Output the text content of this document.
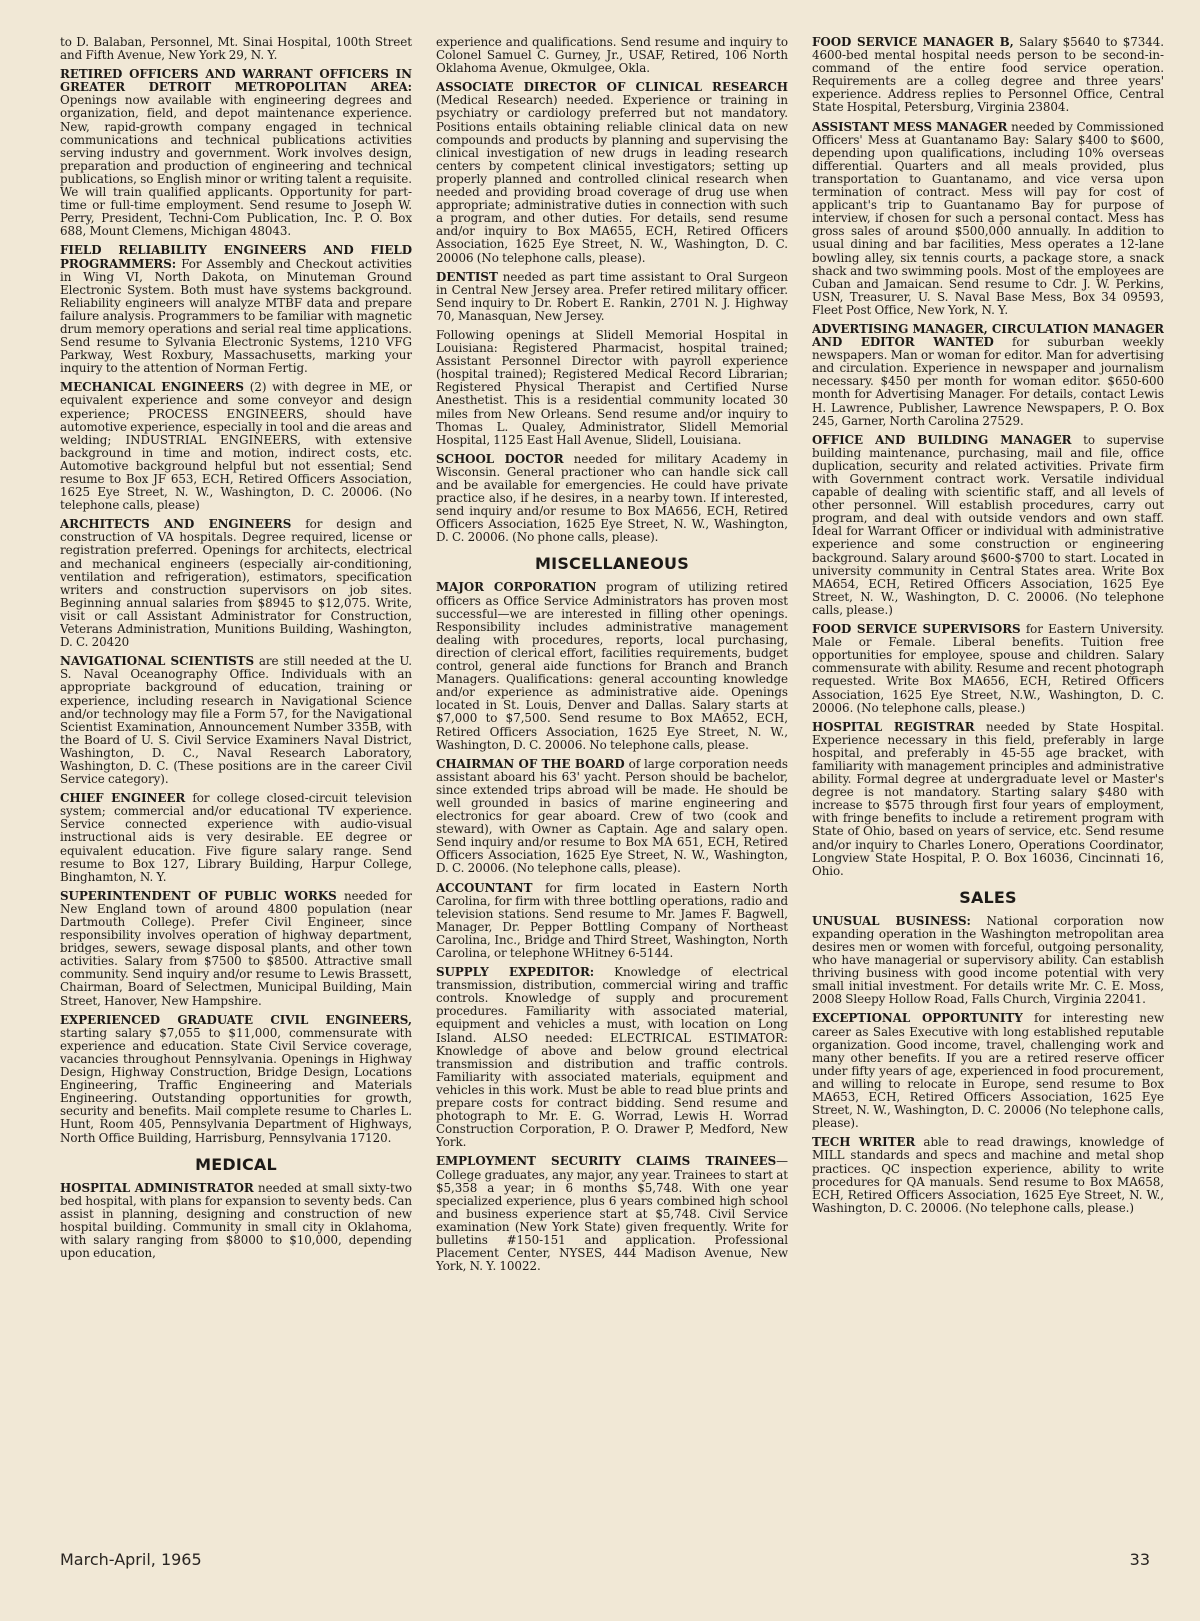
to D. Balaban, Personnel, Mt. Sinai Hospital, 100th Street and Fifth Avenue, New York 29, N. Y.

RETIRED OFFICERS AND WARRANT OFFICERS IN GREATER DETROIT METROPOLITAN AREA: Openings now available with engineering degrees and organization, field, and depot maintenance experience. New, rapid-growth company engaged in technical communications and technical publications activities serving industry and government. Work involves design, preparation and production of engineering and technical publications, so English minor or writing talent a requisite. We will train qualified applicants. Opportunity for part-time or full-time employment. Send resume to Joseph W. Perry, President, Techni-Com Publication, Inc. P. O. Box 688, Mount Clemens, Michigan 48043.

FIELD RELIABILITY ENGINEERS AND FIELD PROGRAMMERS: For Assembly and Checkout activities in Wing VI, North Dakota, on Minuteman Ground Electronic System. Both must have systems background. Reliability engineers will analyze MTBF data and prepare failure analysis. Programmers to be familiar with magnetic drum memory operations and serial real time applications. Send resume to Sylvania Electronic Systems, 1210 VFG Parkway, West Roxbury, Massachusetts, marking your inquiry to the attention of Norman Fertig.

MECHANICAL ENGINEERS (2) with degree in ME, or equivalent experience and some conveyor and design experience; PROCESS ENGINEERS, should have automotive experience, especially in tool and die areas and welding; INDUSTRIAL ENGINEERS, with extensive background in time and motion, indirect costs, etc. Automotive background helpful but not essential; Send resume to Box JF 653, ECH, Retired Officers Association, 1625 Eye Street, N. W., Washington, D. C. 20006. (No telephone calls, please)

ARCHITECTS AND ENGINEERS for design and construction of VA hospitals. Degree required, license or registration preferred. Openings for architects, electrical and mechanical engineers (especially air-conditioning, ventilation and refrigeration), estimators, specification writers and construction supervisors on job sites. Beginning annual salaries from $8945 to $12,075. Write, visit or call Assistant Administrator for Construction, Veterans Administration, Munitions Building, Washington, D. C. 20420

NAVIGATIONAL SCIENTISTS are still needed at the U. S. Naval Oceanography Office. Individuals with an appropriate background of education, training or experience, including research in Navigational Science and/or technology may file a Form 57, for the Navigational Scientist Examination, Announcement Number 335B, with the Board of U. S. Civil Service Examiners Naval District, Washington, D. C., Naval Research Laboratory, Washington, D. C. (These positions are in the career Civil Service category).

CHIEF ENGINEER for college closed-circuit television system; commercial and/or educational TV experience. Service connected experience with audio-visual instructional aids is very desirable. EE degree or equivalent education. Five figure salary range. Send resume to Box 127, Library Building, Harpur College, Binghamton, N. Y.

SUPERINTENDENT OF PUBLIC WORKS needed for New England town of around 4800 population (near Dartmouth College). Prefer Civil Engineer, since responsibility involves operation of highway department, bridges, sewers, sewage disposal plants, and other town activities. Salary from $7500 to $8500. Attractive small community. Send inquiry and/or resume to Lewis Brassett, Chairman, Board of Selectmen, Municipal Building, Main Street, Hanover, New Hampshire.

EXPERIENCED GRADUATE CIVIL ENGINEERS, starting salary $7,055 to $11,000, commensurate with experience and education. State Civil Service coverage, vacancies throughout Pennsylvania. Openings in Highway Design, Highway Construction, Bridge Design, Locations Engineering, Traffic Engineering and Materials Engineering. Outstanding opportunities for growth, security and benefits. Mail complete resume to Charles L. Hunt, Room 405, Pennsylvania Department of Highways, North Office Building, Harrisburg, Pennsylvania 17120.

MEDICAL

HOSPITAL ADMINISTRATOR needed at small sixty-two bed hospital, with plans for expansion to seventy beds. Can assist in planning, designing and construction of new hospital building. Community in small city in Oklahoma, with salary ranging from $8000 to $10,000, depending upon education,

experience and qualifications. Send resume and inquiry to Colonel Samuel C. Gurney, Jr., USAF, Retired, 106 North Oklahoma Avenue, Okmulgee, Okla.

ASSOCIATE DIRECTOR OF CLINICAL RESEARCH (Medical Research) needed. Experience or training in psychiatry or cardiology preferred but not mandatory. Positions entails obtaining reliable clinical data on new compounds and products by planning and supervising the clinical investigation of new drugs in leading research centers by competent clinical investigators; setting up properly planned and controlled clinical research when needed and providing broad coverage of drug use when appropriate; administrative duties in connection with such a program, and other duties. For details, send resume and/or inquiry to Box MA655, ECH, Retired Officers Association, 1625 Eye Street, N. W., Washington, D. C. 20006 (No telephone calls, please).

DENTIST needed as part time assistant to Oral Surgeon in Central New Jersey area. Prefer retired military officer. Send inquiry to Dr. Robert E. Rankin, 2701 N. J. Highway 70, Manasquan, New Jersey.

Following openings at Slidell Memorial Hospital in Louisiana: Registered Pharmacist, hospital trained; Assistant Personnel Director with payroll experience (hospital trained); Registered Medical Record Librarian; Registered Physical Therapist and Certified Nurse Anesthetist. This is a residential community located 30 miles from New Orleans. Send resume and/or inquiry to Thomas L. Qualey, Administrator, Slidell Memorial Hospital, 1125 East Hall Avenue, Slidell, Louisiana.

SCHOOL DOCTOR needed for military Academy in Wisconsin. General practioner who can handle sick call and be available for emergencies. He could have private practice also, if he desires, in a nearby town. If interested, send inquiry and/or resume to Box MA656, ECH, Retired Officers Association, 1625 Eye Street, N. W., Washington, D. C. 20006. (No phone calls, please).

MISCELLANEOUS

MAJOR CORPORATION program of utilizing retired officers as Office Service Administrators has proven most successful—we are interested in filling other openings. Responsibility includes administrative management dealing with procedures, reports, local purchasing, direction of clerical effort, facilities requirements, budget control, general aide functions for Branch and Branch Managers. Qualifications: general accounting knowledge and/or experience as administrative aide. Openings located in St. Louis, Denver and Dallas. Salary starts at $7,000 to $7,500. Send resume to Box MA652, ECH, Retired Officers Association, 1625 Eye Street, N. W., Washington, D. C. 20006. No telephone calls, please.

CHAIRMAN OF THE BOARD of large corporation needs assistant aboard his 63' yacht. Person should be bachelor, since extended trips abroad will be made. He should be well grounded in basics of marine engineering and electronics for gear aboard. Crew of two (cook and steward), with Owner as Captain. Age and salary open. Send inquiry and/or resume to Box MA 651, ECH, Retired Officers Association, 1625 Eye Street, N. W., Washington, D. C. 20006. (No telephone calls, please).

ACCOUNTANT for firm located in Eastern North Carolina, for firm with three bottling operations, radio and television stations. Send resume to Mr. James F. Bagwell, Manager, Dr. Pepper Bottling Company of Northeast Carolina, Inc., Bridge and Third Street, Washington, North Carolina, or telephone WHitney 6-5144.

SUPPLY EXPEDITOR: Knowledge of electrical transmission, distribution, commercial wiring and traffic controls. Knowledge of supply and procurement procedures. Familiarity with associated material, equipment and vehicles a must, with location on Long Island. ALSO needed: ELECTRICAL ESTIMATOR: Knowledge of above and below ground electrical transmission and distribution and traffic controls. Familiarity with associated materials, equipment and vehicles in this work. Must be able to read blue prints and prepare costs for contract bidding. Send resume and photograph to Mr. E. G. Worrad, Lewis H. Worrad Construction Corporation, P. O. Drawer P, Medford, New York.

EMPLOYMENT SECURITY CLAIMS TRAINEES—College graduates, any major, any year. Trainees to start at $5,358 a year; in 6 months $5,748. With one year specialized experience, plus 6 years combined high school and business experience start at $5,748. Civil Service examination (New York State) given frequently. Write for bulletins #150-151 and application. Professional Placement Center, NYSES, 444 Madison Avenue, New York, N. Y. 10022.

FOOD SERVICE MANAGER B, Salary $5640 to $7344. 4600-bed mental hospital needs person to be second-in-command of the entire food service operation. Requirements are a colleg degree and three years' experience. Address replies to Personnel Office, Central State Hospital, Petersburg, Virginia 23804.

ASSISTANT MESS MANAGER needed by Commissioned Officers' Mess at Guantanamo Bay: Salary $400 to $600, depending upon qualifications, including 10% overseas differential. Quarters and all meals provided, plus transportation to Guantanamo, and vice versa upon termination of contract. Mess will pay for cost of applicant's trip to Guantanamo Bay for purpose of interview, if chosen for such a personal contact. Mess has gross sales of around $500,000 annually. In addition to usual dining and bar facilities, Mess operates a 12-lane bowling alley, six tennis courts, a package store, a snack shack and two swimming pools. Most of the employees are Cuban and Jamaican. Send resume to Cdr. J. W. Perkins, USN, Treasurer, U. S. Naval Base Mess, Box 34 09593, Fleet Post Office, New York, N. Y.

ADVERTISING MANAGER, CIRCULATION MANAGER AND EDITOR WANTED for suburban weekly newspapers. Man or woman for editor. Man for advertising and circulation. Experience in newspaper and journalism necessary. $450 per month for woman editor. $650-600 month for Advertising Manager. For details, contact Lewis H. Lawrence, Publisher, Lawrence Newspapers, P. O. Box 245, Garner, North Carolina 27529.

OFFICE AND BUILDING MANAGER to supervise building maintenance, purchasing, mail and file, office duplication, security and related activities. Private firm with Government contract work. Versatile individual capable of dealing with scientific staff, and all levels of other personnel. Will establish procedures, carry out program, and deal with outside vendors and own staff. Ideal for Warrant Officer or individual with administrative experience and some construction or engineering background. Salary around $600-$700 to start. Located in university community in Central States area. Write Box MA654, ECH, Retired Officers Association, 1625 Eye Street, N. W., Washington, D. C. 20006. (No telephone calls, please.)

FOOD SERVICE SUPERVISORS for Eastern University. Male or Female. Liberal benefits. Tuition free opportunities for employee, spouse and children. Salary commensurate with ability. Resume and recent photograph requested. Write Box MA656, ECH, Retired Officers Association, 1625 Eye Street, N.W., Washington, D. C. 20006. (No telephone calls, please.)

HOSPITAL REGISTRAR needed by State Hospital. Experience necessary in this field, preferably in large hospital, and preferably in 45-55 age bracket, with familiarity with management principles and administrative ability. Formal degree at undergraduate level or Master's degree is not mandatory. Starting salary $480 with increase to $575 through first four years of employment, with fringe benefits to include a retirement program with State of Ohio, based on years of service, etc. Send resume and/or inquiry to Charles Lonero, Operations Coordinator, Longview State Hospital, P. O. Box 16036, Cincinnati 16, Ohio.

SALES

UNUSUAL BUSINESS: National corporation now expanding operation in the Washington metropolitan area desires men or women with forceful, outgoing personality, who have managerial or supervisory ability. Can establish thriving business with good income potential with very small initial investment. For details write Mr. C. E. Moss, 2008 Sleepy Hollow Road, Falls Church, Virginia 22041.

EXCEPTIONAL OPPORTUNITY for interesting new career as Sales Executive with long established reputable organization. Good income, travel, challenging work and many other benefits. If you are a retired reserve officer under fifty years of age, experienced in food procurement, and willing to relocate in Europe, send resume to Box MA653, ECH, Retired Officers Association, 1625 Eye Street, N. W., Washington, D. C. 20006 (No telephone calls, please).

TECH WRITER able to read drawings, knowledge of MILL standards and specs and machine and metal shop practices. QC inspection experience, ability to write procedures for QA manuals. Send resume to Box MA658, ECH, Retired Officers Association, 1625 Eye Street, N. W., Washington, D. C. 20006. (No telephone calls, please.)

March-April, 1965	33
